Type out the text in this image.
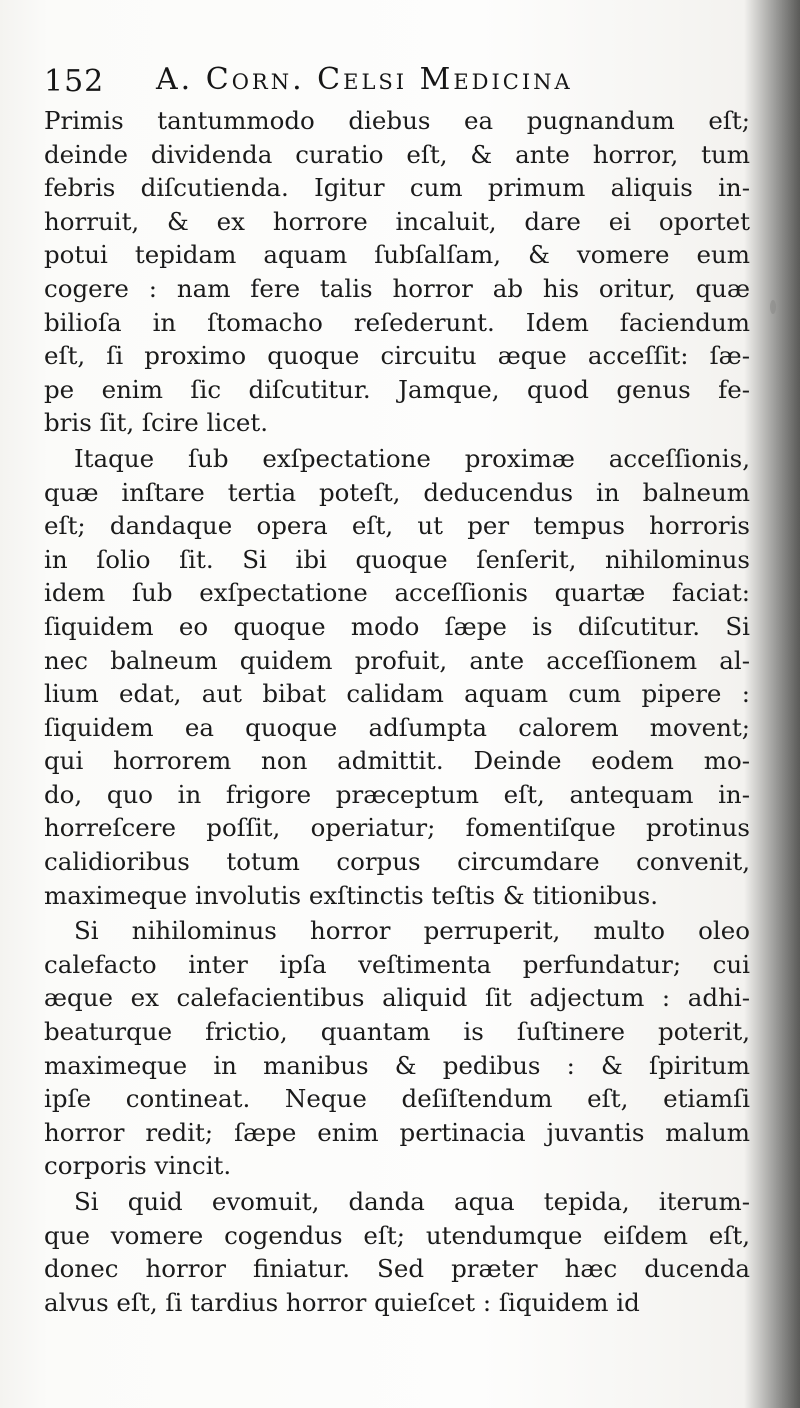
152 A. Corn. Celsi Medicina
Primis tantummodo diebus ea pugnandum eſt;
deinde dividenda curatio eſt, & ante horror, tum
febris diſcutienda. Igitur cum primum aliquis in-
horruit, & ex horrore incaluit, dare ei oportet
potui tepidam aquam ſubſalſam, & vomere eum
cogere : nam fere talis horror ab his oritur, quæ
bilioſa in ſtomacho reſederunt. Idem faciendum
eſt, ſi proximo quoque circuitu æque acceſſit: ſæ-
pe enim ſic diſcutitur. Jamque, quod genus fe-
bris ſit, ſcire licet.
Itaque ſub exſpectatione proximæ acceſſionis,
quæ inſtare tertia poteſt, deducendus in balneum
eſt; dandaque opera eſt, ut per tempus horroris
in ſolio ſit. Si ibi quoque ſenſerit, nihilominus
idem ſub exſpectatione acceſſionis quartæ faciat:
ſiquidem eo quoque modo ſæpe is diſcutitur. Si
nec balneum quidem profuit, ante acceſſionem al-
lium edat, aut bibat calidam aquam cum pipere :
ſiquidem ea quoque adſumpta calorem movent;
qui horrorem non admittit. Deinde eodem mo-
do, quo in frigore præceptum eſt, antequam in-
horreſcere poſſit, operiatur; fomentiſque protinus
calidioribus totum corpus circumdare convenit,
maximeque involutis exſtinctis teſtis & titionibus.
Si nihilominus horror perruperit, multo oleo
calefacto inter ipſa veſtimenta perfundatur; cui
æque ex calefacientibus aliquid ſit adjectum : adhi-
beaturque frictio, quantam is ſuſtinere poterit,
maximeque in manibus & pedibus : & ſpiritum
ipſe contineat. Neque deſiſtendum eſt, etiamſi
horror redit; ſæpe enim pertinacia juvantis malum
corporis vincit.
Si quid evomuit, danda aqua tepida, iterum-
que vomere cogendus eſt; utendumque eiſdem eſt,
donec horror finiatur. Sed præter hæc ducenda
alvus eſt, ſi tardius horror quieſcet : ſiquidem id
